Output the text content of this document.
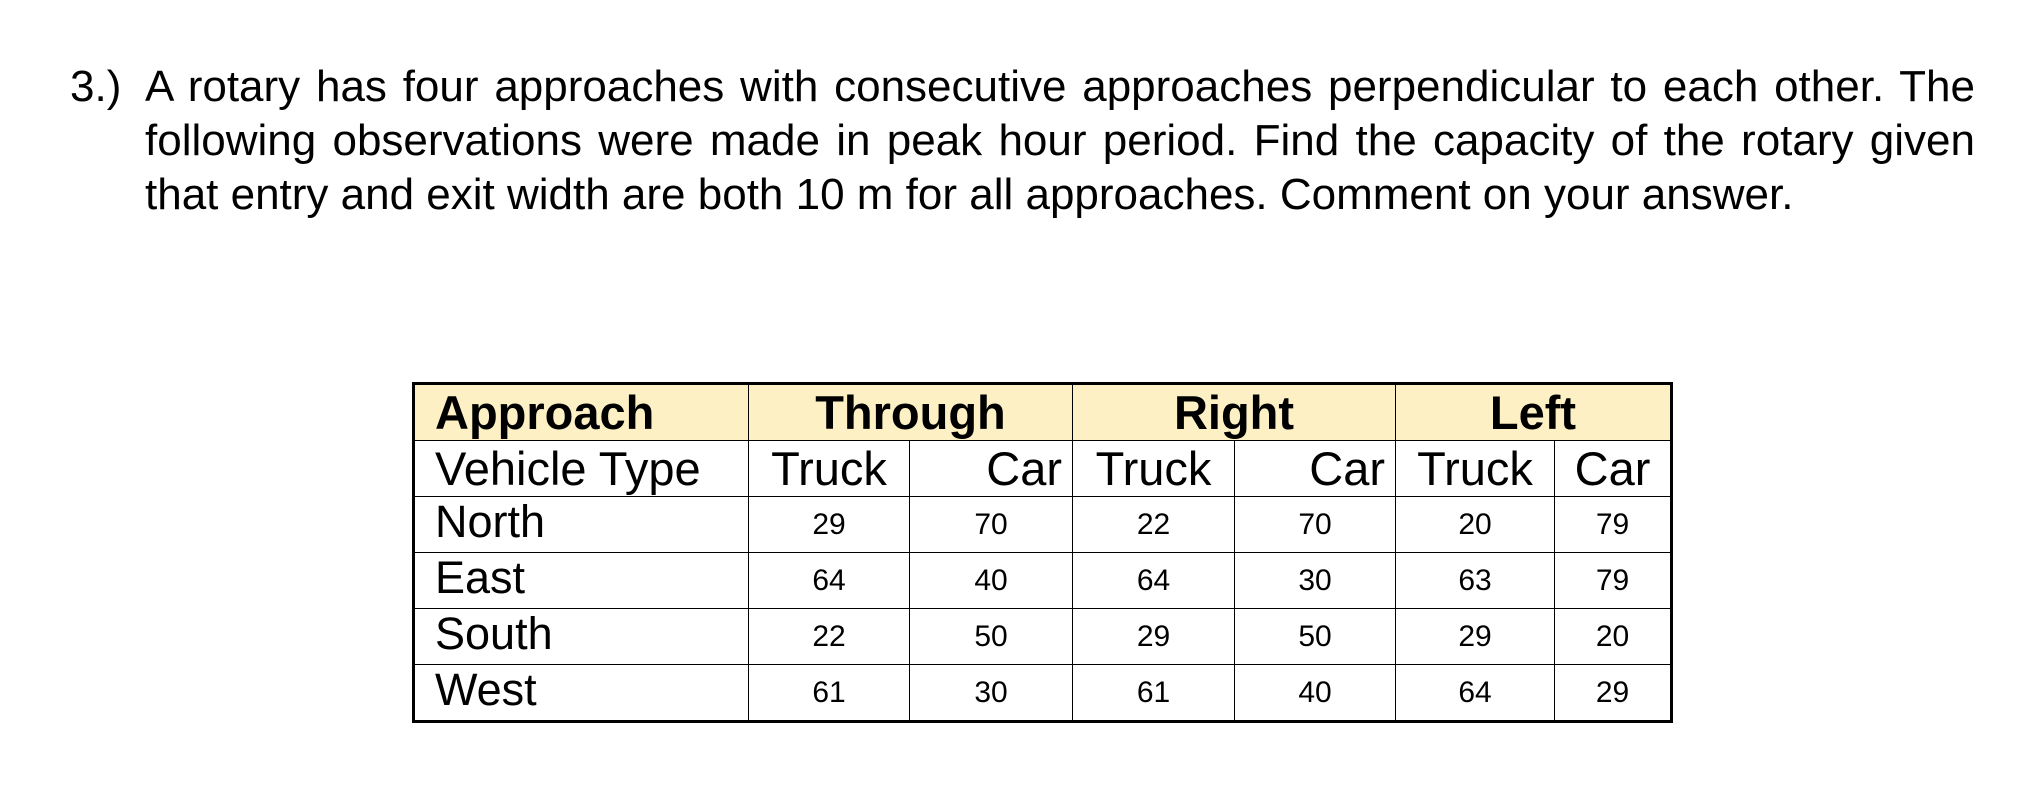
3.) A rotary has four approaches with consecutive approaches perpendicular to each other. The following observations were made in peak hour period. Find the capacity of the rotary given that entry and exit width are both 10 m for all approaches. Comment on your answer.
Approach	Through		Right		Left	
Vehicle Type	Truck	Car	Truck	Car	Truck	Car
North	29	70	22	70	20	79
East	64	40	64	30	63	79
South	22	50	29	50	29	20
West	61	30	61	40	64	29
